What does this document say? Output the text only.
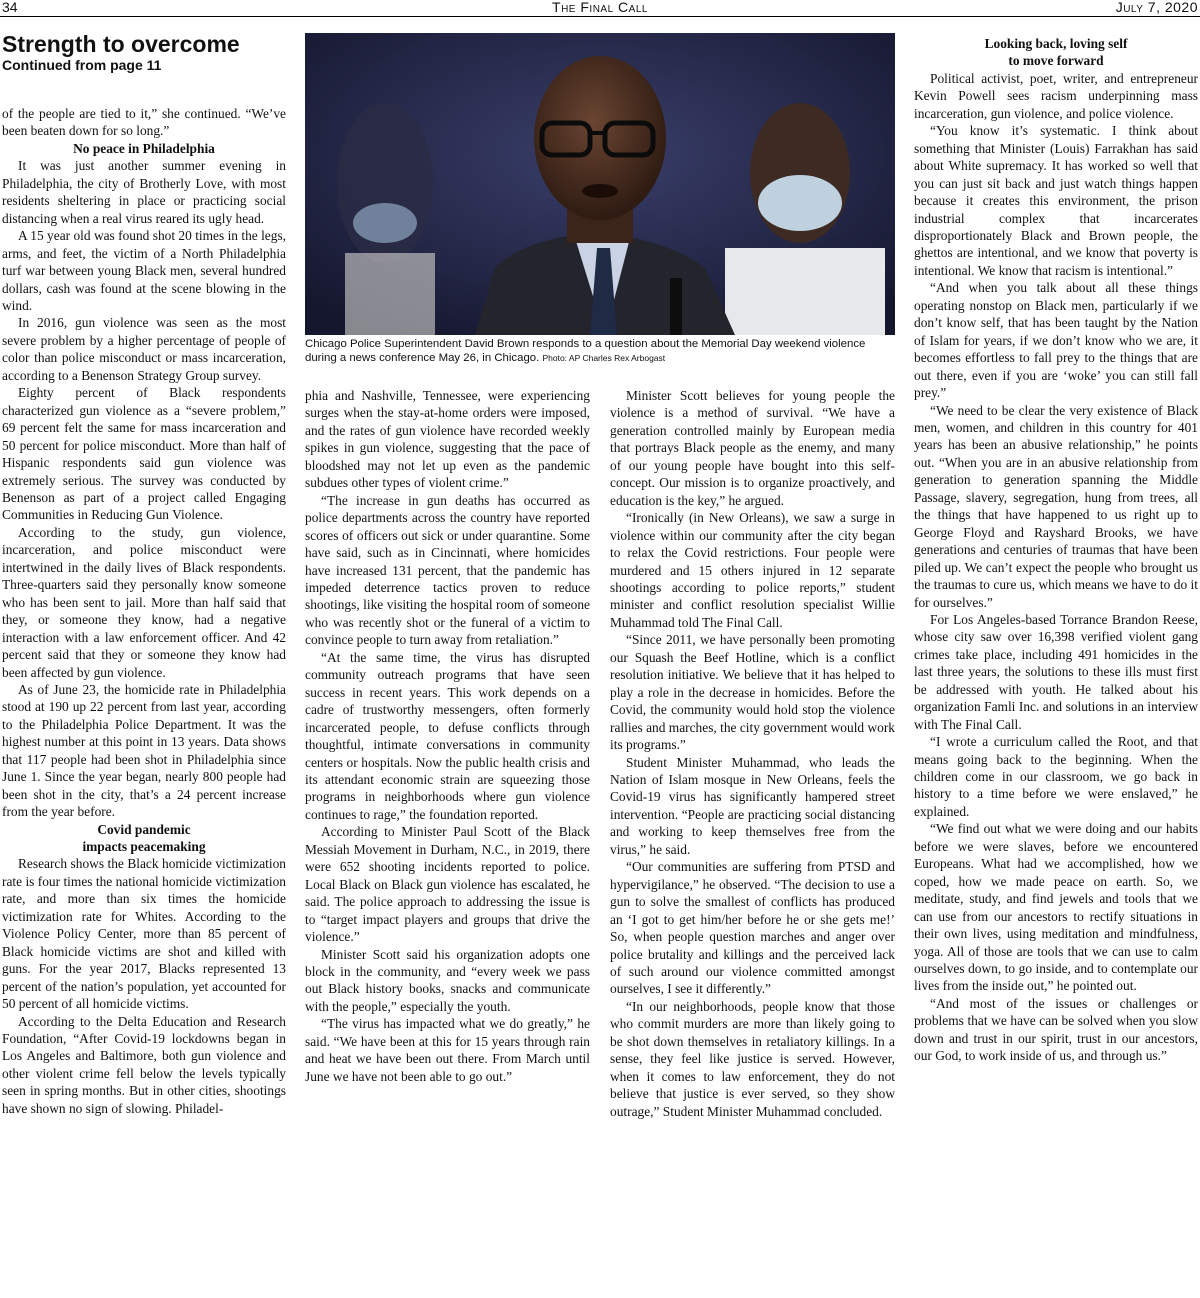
34	The Final Call	July 7, 2020
Strength to overcome
Continued from page 11

of the people are tied to it,” she continued. “We’ve been beaten down for so long.”

No peace in Philadelphia

It was just another summer evening in Philadelphia, the city of Brotherly Love, with most residents sheltering in place or practicing social distancing when a real virus reared its ugly head.

A 15 year old was found shot 20 times in the legs, arms, and feet, the victim of a North Philadelphia turf war between young Black men, several hundred dollars, cash was found at the scene blowing in the wind.

In 2016, gun violence was seen as the most severe problem by a higher percentage of people of color than police misconduct or mass incarceration, according to a Benenson Strategy Group survey.

Eighty percent of Black respondents characterized gun violence as a “severe problem,” 69 percent felt the same for mass incarceration and 50 percent for police misconduct. More than half of Hispanic respondents said gun violence was extremely serious. The survey was conducted by Benenson as part of a project called Engaging Communities in Reducing Gun Violence.

According to the study, gun violence, incarceration, and police misconduct were intertwined in the daily lives of Black respondents. Three-quarters said they personally know someone who has been sent to jail. More than half said that they, or someone they know, had a negative interaction with a law enforcement officer. And 42 percent said that they or someone they know had been affected by gun violence.

As of June 23, the homicide rate in Philadelphia stood at 190 up 22 percent from last year, according to the Philadelphia Police Department. It was the highest number at this point in 13 years. Data shows that 117 people had been shot in Philadelphia since June 1. Since the year began, nearly 800 people had been shot in the city, that’s a 24 percent increase from the year before.

Covid pandemic

impacts peacemaking

Research shows the Black homicide victimization rate is four times the national homicide victimization rate, and more than six times the homicide victimization rate for Whites. According to the Violence Policy Center, more than 85 percent of Black homicide victims are shot and killed with guns. For the year 2017, Blacks represented 13 percent of the nation’s population, yet accounted for 50 percent of all homicide victims.

According to the Delta Education and Research Foundation, “After Covid-19 lockdowns began in Los Angeles and Baltimore, both gun violence and other violent crime fell below the levels typically seen in spring months. But in other cities, shootings have shown no sign of slowing. Philadel-

Chicago Police Superintendent David Brown responds to a question about the Memorial Day weekend violence during a news conference May 26, in Chicago. Photo: AP Charles Rex Arbogast

phia and Nashville, Tennessee, were experiencing surges when the stay-at-home orders were imposed, and the rates of gun violence have recorded weekly spikes in gun violence, suggesting that the pace of bloodshed may not let up even as the pandemic subdues other types of violent crime.”

“The increase in gun deaths has occurred as police departments across the country have reported scores of officers out sick or under quarantine. Some have said, such as in Cincinnati, where homicides have increased 131 percent, that the pandemic has impeded deterrence tactics proven to reduce shootings, like visiting the hospital room of someone who was recently shot or the funeral of a victim to convince people to turn away from retaliation.”

“At the same time, the virus has disrupted community outreach programs that have seen success in recent years. This work depends on a cadre of trustworthy messengers, often formerly incarcerated people, to defuse conflicts through thoughtful, intimate conversations in community centers or hospitals. Now the public health crisis and its attendant economic strain are squeezing those programs in neighborhoods where gun violence continues to rage,” the foundation reported.

According to Minister Paul Scott of the Black Messiah Movement in Durham, N.C., in 2019, there were 652 shooting incidents reported to police. Local Black on Black gun violence has escalated, he said. The police approach to addressing the issue is to “target impact players and groups that drive the violence.”

Minister Scott said his organization adopts one block in the community, and “every week we pass out Black history books, snacks and communicate with the people,” especially the youth.

“The virus has impacted what we do greatly,” he said. “We have been at this for 15 years through rain and heat we have been out there. From March until June we have not been able to go out.”

Minister Scott believes for young people the violence is a method of survival. “We have a generation controlled mainly by European media that portrays Black people as the enemy, and many of our young people have bought into this self-concept. Our mission is to organize proactively, and education is the key,” he argued.

“Ironically (in New Orleans), we saw a surge in violence within our community after the city began to relax the Covid restrictions. Four people were murdered and 15 others injured in 12 separate shootings according to police reports,” student minister and conflict resolution specialist Willie Muhammad told The Final Call.

“Since 2011, we have personally been promoting our Squash the Beef Hotline, which is a conflict resolution initiative. We believe that it has helped to play a role in the decrease in homicides. Before the Covid, the community would hold stop the violence rallies and marches, the city government would work its programs.”

Student Minister Muhammad, who leads the Nation of Islam mosque in New Orleans, feels the Covid-19 virus has significantly hampered street intervention. “People are practicing social distancing and working to keep themselves free from the virus,” he said.

“Our communities are suffering from PTSD and hypervigilance,” he observed. “The decision to use a gun to solve the smallest of conflicts has produced an ‘I got to get him/her before he or she gets me!’ So, when people question marches and anger over police brutality and killings and the perceived lack of such around our violence committed amongst ourselves, I see it differently.”

“In our neighborhoods, people know that those who commit murders are more than likely going to be shot down themselves in retaliatory killings. In a sense, they feel like justice is served. However, when it comes to law enforcement, they do not believe that justice is ever served, so they show outrage,” Student Minister Muhammad concluded.

Looking back, loving self

to move forward

Political activist, poet, writer, and entrepreneur Kevin Powell sees racism underpinning mass incarceration, gun violence, and police violence.

“You know it’s systematic. I think about something that Minister (Louis) Farrakhan has said about White supremacy. It has worked so well that you can just sit back and just watch things happen because it creates this environment, the prison industrial complex that incarcerates disproportionately Black and Brown people, the ghettos are intentional, and we know that poverty is intentional. We know that racism is intentional.”

“And when you talk about all these things operating nonstop on Black men, particularly if we don’t know self, that has been taught by the Nation of Islam for years, if we don’t know who we are, it becomes effortless to fall prey to the things that are out there, even if you are ‘woke’ you can still fall prey.”

“We need to be clear the very existence of Black men, women, and children in this country for 401 years has been an abusive relationship,” he points out. “When you are in an abusive relationship from generation to generation spanning the Middle Passage, slavery, segregation, hung from trees, all the things that have happened to us right up to George Floyd and Rayshard Brooks, we have generations and centuries of traumas that have been piled up. We can’t expect the people who brought us the traumas to cure us, which means we have to do it for ourselves.”

For Los Angeles-based Torrance Brandon Reese, whose city saw over 16,398 verified violent gang crimes take place, including 491 homicides in the last three years, the solutions to these ills must first be addressed with youth. He talked about his organization Famli Inc. and solutions in an interview with The Final Call.

“I wrote a curriculum called the Root, and that means going back to the beginning. When the children come in our classroom, we go back in history to a time before we were enslaved,” he explained.

“We find out what we were doing and our habits before we were slaves, before we encountered Europeans. What had we accomplished, how we coped, how we made peace on earth. So, we meditate, study, and find jewels and tools that we can use from our ancestors to rectify situations in their own lives, using meditation and mindfulness, yoga. All of those are tools that we can use to calm ourselves down, to go inside, and to contemplate our lives from the inside out,” he pointed out.

“And most of the issues or challenges or problems that we have can be solved when you slow down and trust in our spirit, trust in our ancestors, our God, to work inside of us, and through us.”
